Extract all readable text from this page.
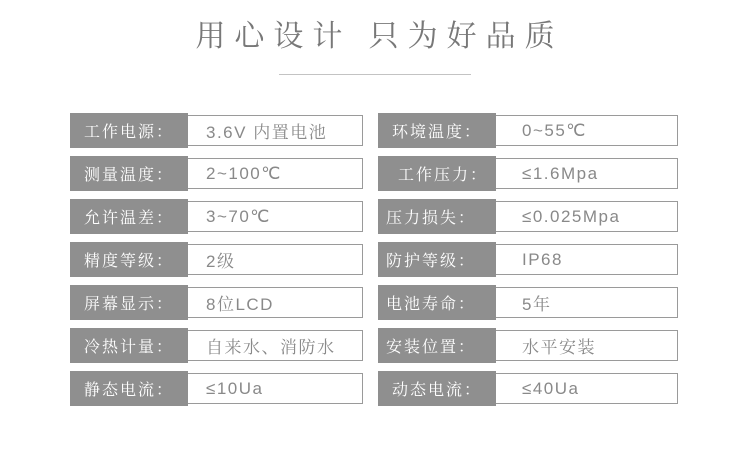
用心设计 只为好品质
工作电源：	3.6V 内置电池
测量温度：	2~100℃
允许温差：	3~70℃
精度等级：	2级
屏幕显示：	8位LCD
冷热计量：	自来水、消防水
静态电流：	≤10Ua
环境温度：	0~55℃
工作压力：	≤1.6Mpa
压力损失：	≤0.025Mpa
防护等级：	IP68
电池寿命：	5年
安装位置：	水平安装
动态电流：	≤40Ua
